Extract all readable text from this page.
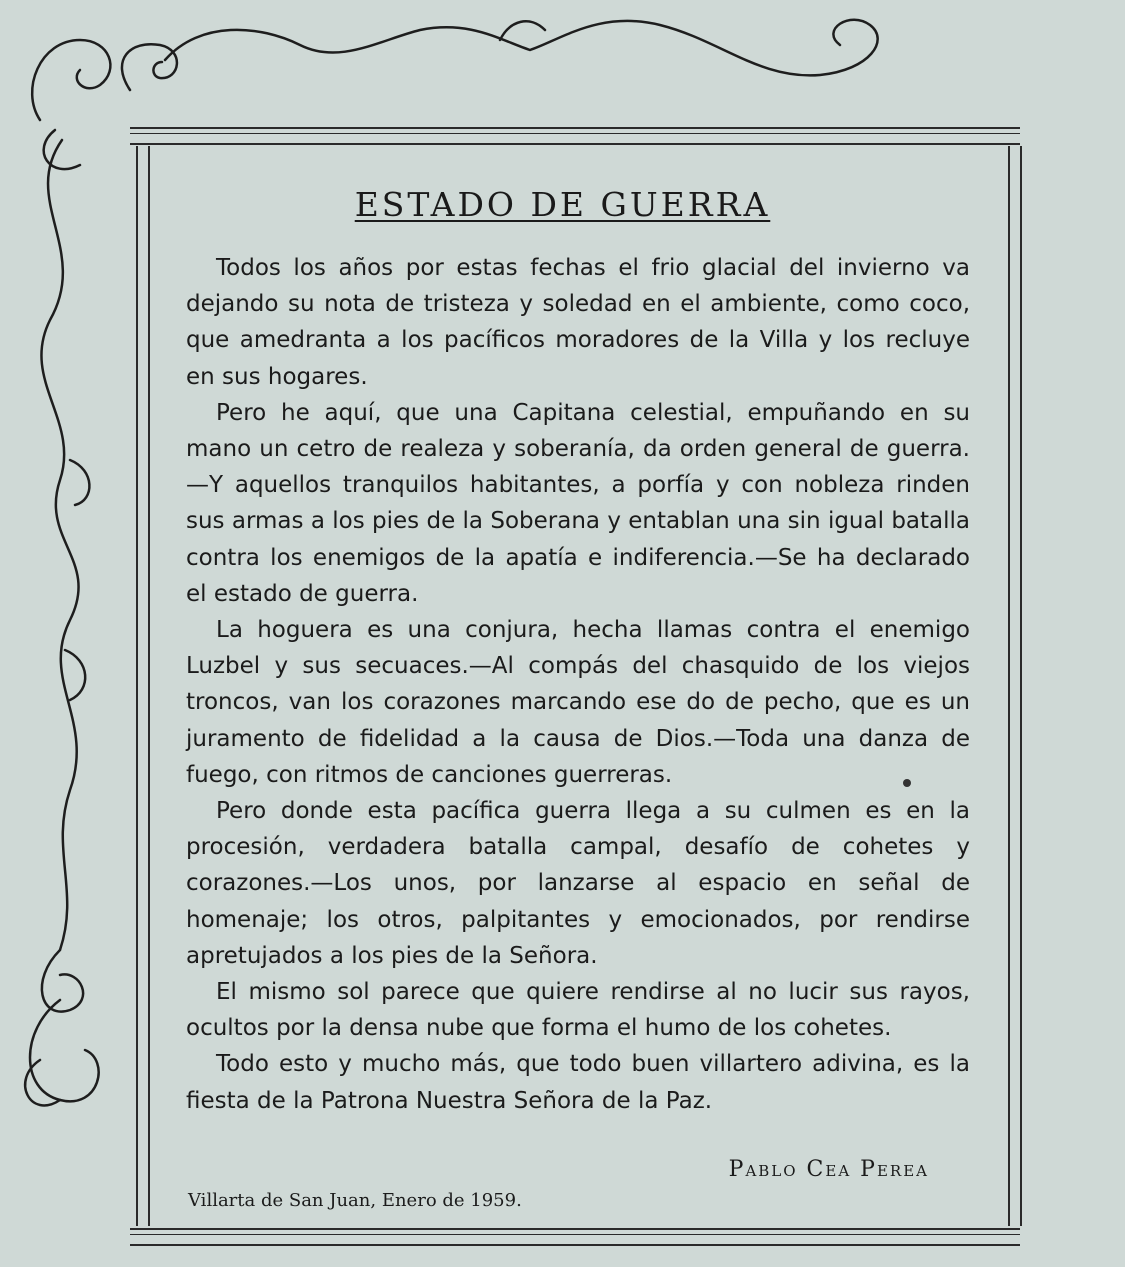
ESTADO DE GUERRA

Todos los años por estas fechas el frio glacial del invierno va dejando su nota de tristeza y soledad en el ambiente, como coco, que amedranta a los pacíficos moradores de la Villa y los recluye en sus hogares.

Pero he aquí, que una Capitana celestial, empuñando en su mano un cetro de realeza y soberanía, da orden general de guerra.—Y aquellos tranquilos habitantes, a porfía y con nobleza rinden sus armas a los pies de la Soberana y entablan una sin igual batalla contra los enemigos de la apatía e indiferencia.—Se ha declarado el estado de guerra.

La hoguera es una conjura, hecha llamas contra el enemigo Luzbel y sus secuaces.—Al compás del chasquido de los viejos troncos, van los corazones marcando ese do de pecho, que es un juramento de fidelidad a la causa de Dios.—Toda una danza de fuego, con ritmos de canciones guerreras.

Pero donde esta pacífica guerra llega a su culmen es en la procesión, verdadera batalla campal, desafío de cohetes y corazones.—Los unos, por lanzarse al espacio en señal de homenaje; los otros, palpitantes y emocionados, por rendirse apretujados a los pies de la Señora.

El mismo sol parece que quiere rendirse al no lucir sus rayos, ocultos por la densa nube que forma el humo de los cohetes.

Todo esto y mucho más, que todo buen villartero adivina, es la fiesta de la Patrona Nuestra Señora de la Paz.

Pablo Cea Perea
Villarta de San Juan, Enero de 1959.
